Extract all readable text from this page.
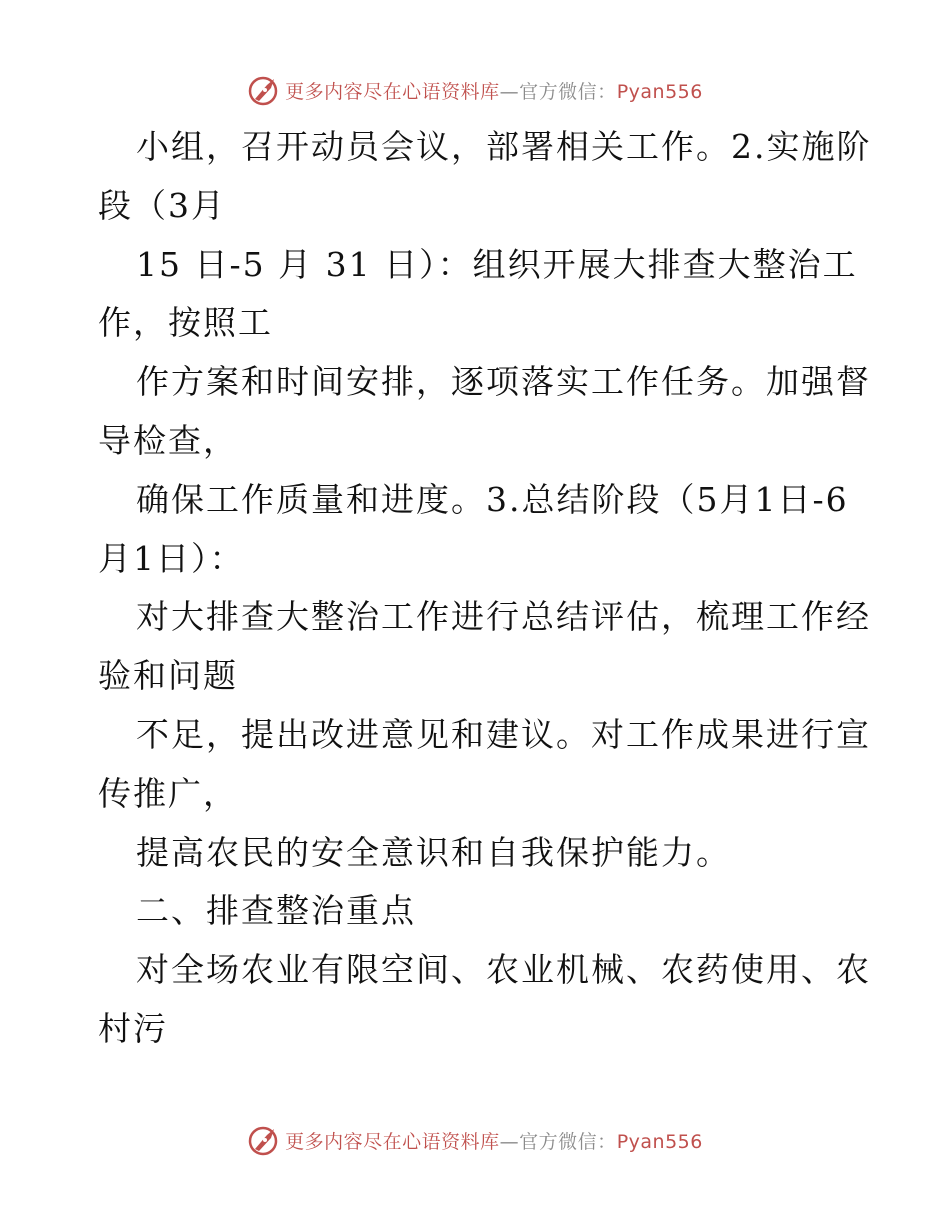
更多内容尽在心语资料库—官方微信：Pyan556
小组，召开动员会议，部署相关工作。2.实施阶
段（3月
15 日-5 月 31 日）：组织开展大排查大整治工
作，按照工
作方案和时间安排，逐项落实工作任务。加强督
导检查，
确保工作质量和进度。3.总结阶段（5月1日-6
月1日）：
对大排查大整治工作进行总结评估，梳理工作经
验和问题
不足，提出改进意见和建议。对工作成果进行宣
传推广，
提高农民的安全意识和自我保护能力。
二、排查整治重点
对全场农业有限空间、农业机械、农药使用、农
村污
更多内容尽在心语资料库—官方微信：Pyan556
